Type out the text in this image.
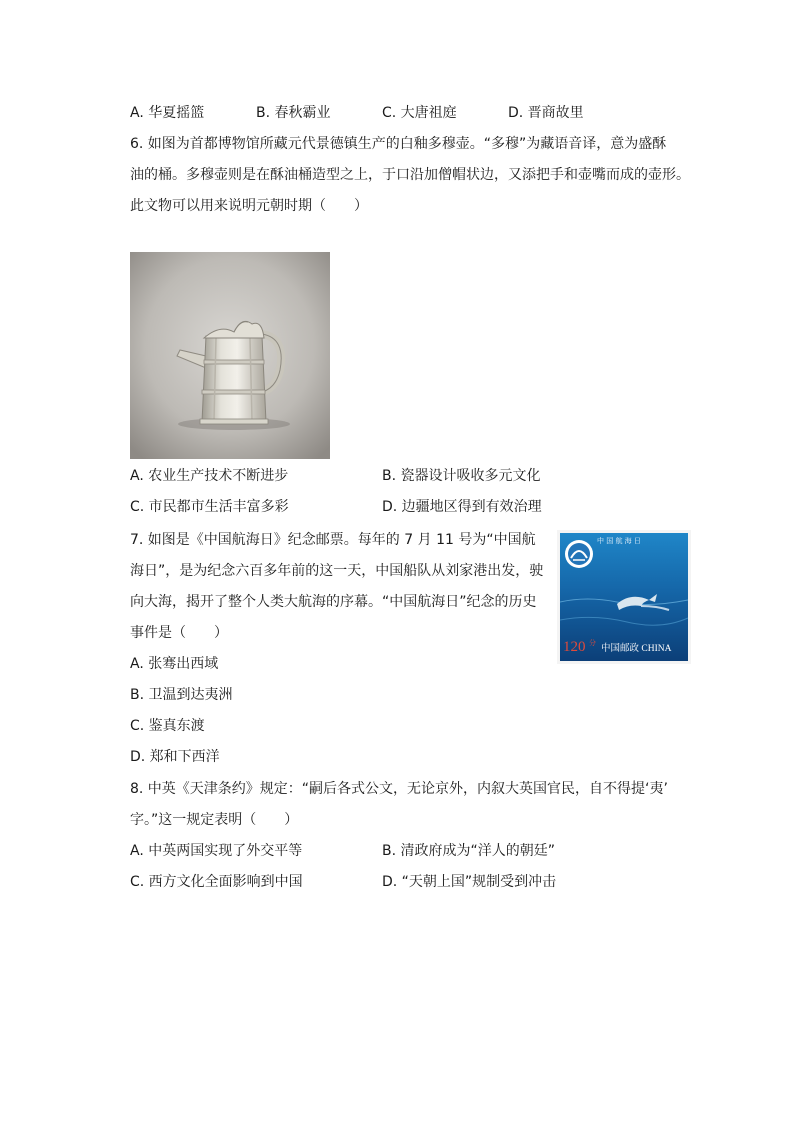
A. 华夏摇篮	B. 春秋霸业	C. 大唐祖庭	D. 晋商故里
6. 如图为首都博物馆所藏元代景德镇生产的白釉多穆壶。“多穆”为藏语音译，意为盛酥
油的桶。多穆壶则是在酥油桶造型之上，于口沿加僧帽状边，又添把手和壶嘴而成的壶形。
此文物可以用来说明元朝时期（　　）
A. 农业生产技术不断进步	B. 瓷器设计吸收多元文化
C. 市民都市生活丰富多彩	D. 边疆地区得到有效治理
7. 如图是《中国航海日》纪念邮票。每年的 7 月 11 号为“中国航
海日”，是为纪念六百多年前的这一天，中国船队从刘家港出发，驶
向大海，揭开了整个人类大航海的序幕。“中国航海日”纪念的历史
事件是（　　）
中 国 航 海 日
120 分
中国邮政 CHINA
A. 张骞出西域
B. 卫温到达夷洲
C. 鉴真东渡
D. 郑和下西洋
8. 中英《天津条约》规定：“嗣后各式公文，无论京外，内叙大英国官民，自不得提‘夷’
字。”这一规定表明（　　）
A. 中英两国实现了外交平等	B. 清政府成为“洋人的朝廷”
C. 西方文化全面影响到中国	D. “天朝上国”规制受到冲击
